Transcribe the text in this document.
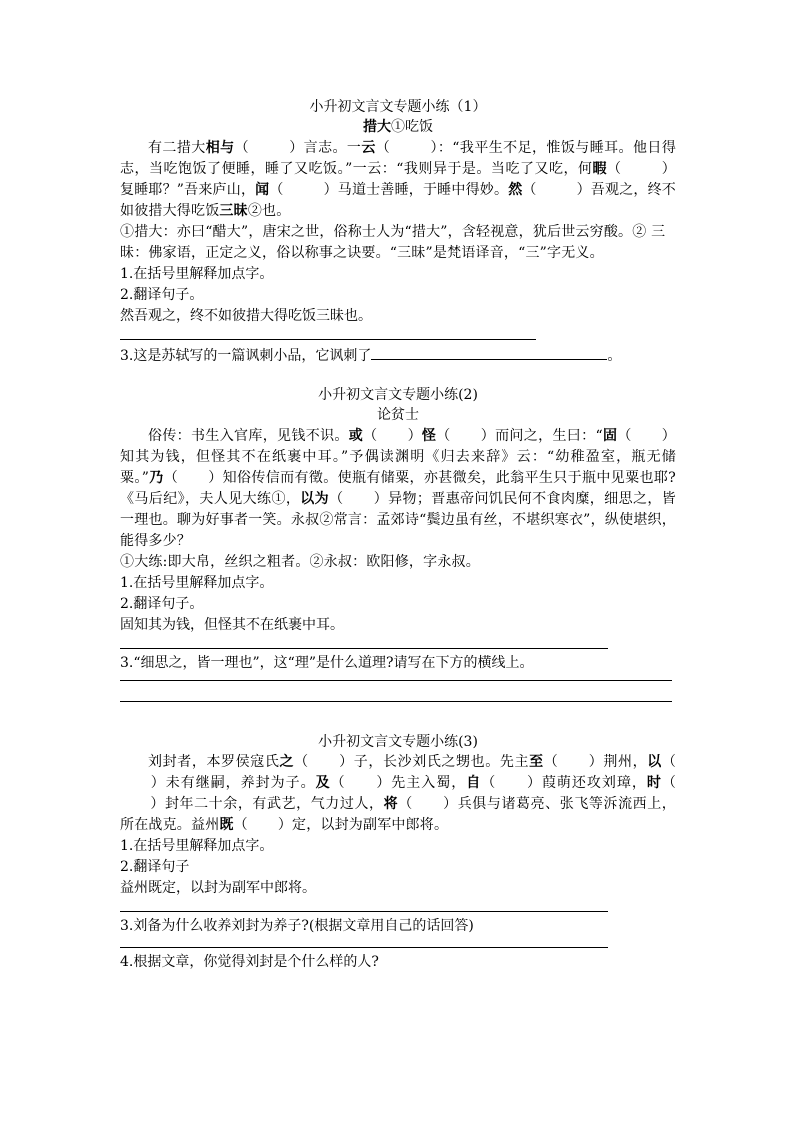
小升初文言文专题小练（1）

措大①吃饭

有二措大相与（	）言志。一云（	）：“我平生不足，惟饭与睡耳。他日得志，当吃饱饭了便睡，睡了又吃饭。”一云：“我则异于是。当吃了又吃，何暇（	）复睡耶？”吾来庐山，闻（	）马道士善睡，于睡中得妙。然（	）吾观之，终不如彼措大得吃饭三昧②也。

①措大：亦曰“醋大”，唐宋之世，俗称士人为“措大”，含轻视意，犹后世云穷酸。② 三昧：佛家语，正定之义，俗以称事之诀要。“三昧”是梵语译音，“三”字无义。

1.在括号里解释加点字。

2.翻译句子。

然吾观之，终不如彼措大得吃饭三昧也。

3.这是苏轼写的一篇讽刺小品，它讽刺了	。

小升初文言文专题小练(2)

论贫士

俗传：书生入官库，见钱不识。或（ ）怪（ ）而问之，生曰：“固（ ）知其为钱，但怪其不在纸裹中耳。”予偶读渊明《归去来辞》云：“幼稚盈室，瓶无储粟。”乃（ ）知俗传信而有徵。使瓶有储粟，亦甚微矣，此翁平生只于瓶中见粟也耶?《马后纪》，夫人见大练①，以为（ ）异物；晋惠帝问饥民何不食肉糜，细思之，皆一理也。聊为好事者一笑。永叔②常言：孟郊诗“鬓边虽有丝，不堪织寒衣”，纵使堪织，能得多少？

①大练:即大帛，丝织之粗者。②永叔：欧阳修，字永叔。

1.在括号里解释加点字。

2.翻译句子。

固知其为钱，但怪其不在纸裹中耳。

3.“细思之，皆一理也”，这“理”是什么道理?请写在下方的横线上。

小升初文言文专题小练(3)

刘封者，本罗侯寇氏之（ ）子，长沙刘氏之甥也。先主至（ ）荆州，以（）未有继嗣，养封为子。及（ ）先主入蜀，自（ ）葭萌还攻刘璋，时（）封年二十余，有武艺，气力过人，将（ ）兵俱与诸葛亮、张飞等泝流西上，所在战克。益州既（ ）定，以封为副军中郎将。

1.在括号里解释加点字。

2.翻译句子

益州既定，以封为副军中郎将。

3.刘备为什么收养刘封为养子?(根据文章用自己的话回答)

4.根据文章，你觉得刘封是个什么样的人?
